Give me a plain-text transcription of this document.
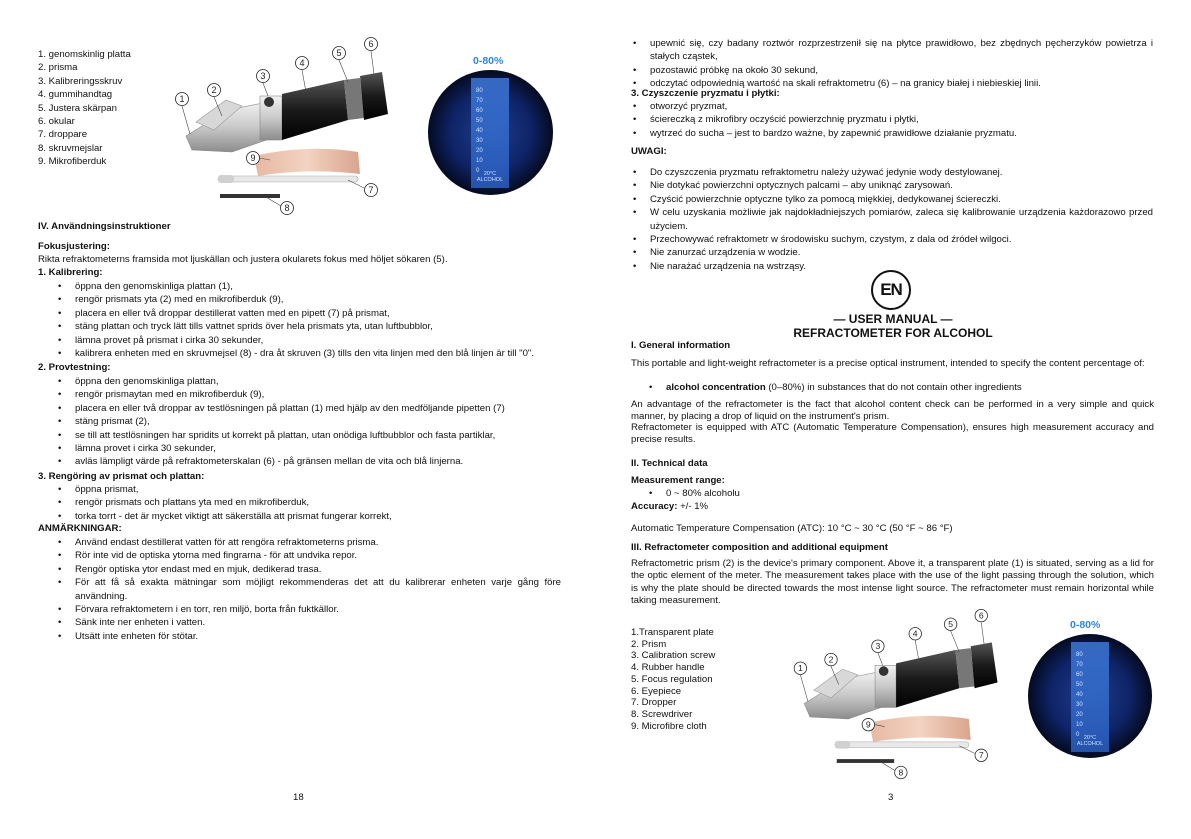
1. genomskinlig platta
2. prisma
3. Kalibreringsskruv
4. gummihandtag
5. Justera skärpan
6. okular
7. droppare
8. skruvmejslar
9. Mikrofiberduk
1
2
3
4
5
6
7
8
9
0-80%
80
70
60
50
40
30
20
10
0 20°C
ALCOHOL
IV. Användningsinstruktioner
Fokusjustering:
Rikta refraktometerns framsida mot ljuskällan och justera okularets fokus med höljet sökaren (5).
1. Kalibrering:
• öppna den genomskinliga plattan (1),
• rengör prismats yta (2) med en mikrofiberduk (9),
• placera en eller två droppar destillerat vatten med en pipett (7) på prismat,
• stäng plattan och tryck lätt tills vattnet sprids över hela prismats yta, utan luftbubblor,
• lämna provet på prismat i cirka 30 sekunder,
• kalibrera enheten med en skruvmejsel (8) - dra åt skruven (3) tills den vita linjen med den blå linjen är till "0".
2. Provtestning:
• öppna den genomskinliga plattan,
• rengör prismaytan med en mikrofiberduk (9),
• placera en eller två droppar av testlösningen på plattan (1) med hjälp av den medföljande pipetten (7)
• stäng prismat (2),
• se till att testlösningen har spridits ut korrekt på plattan, utan onödiga luftbubblor och fasta partiklar,
• lämna provet i cirka 30 sekunder,
• avläs lämpligt värde på refraktometerskalan (6) - på gränsen mellan de vita och blå linjerna.
3. Rengöring av prismat och plattan:
• öppna prismat,
• rengör prismats och plattans yta med en mikrofiberduk,
• torka torrt - det är mycket viktigt att säkerställa att prismat fungerar korrekt,
ANMÄRKNINGAR:
• Använd endast destillerat vatten för att rengöra refraktometerns prisma.
• Rör inte vid de optiska ytorna med fingrarna - för att undvika repor.
• Rengör optiska ytor endast med en mjuk, dedikerad trasa.
• För att få så exakta mätningar som möjligt rekommenderas det att du kalibrerar enheten varje gång före användning.
• Förvara refraktometern i en torr, ren miljö, borta från fuktkällor.
• Sänk inte ner enheten i vatten.
• Utsätt inte enheten för stötar.
18
• upewnić się, czy badany roztwór rozprzestrzenił się na płytce prawidłowo, bez zbędnych pęcherzyków powietrza i stałych cząstek,
• pozostawić próbkę na około 30 sekund,
• odczytać odpowiednią wartość na skali refraktometru (6) – na granicy białej i niebieskiej linii.
3. Czyszczenie pryzmatu i płytki:
• otworzyć pryzmat,
• ściereczką z mikrofibry oczyścić powierzchnię pryzmatu i płytki,
• wytrzeć do sucha – jest to bardzo ważne, by zapewnić prawidłowe działanie pryzmatu.
UWAGI:
• Do czyszczenia pryzmatu refraktometru należy używać jedynie wody destylowanej.
• Nie dotykać powierzchni optycznych palcami – aby uniknąć zarysowań.
• Czyścić powierzchnie optyczne tylko za pomocą miękkiej, dedykowanej ściereczki.
• W celu uzyskania możliwie jak najdokładniejszych pomiarów, zaleca się kalibrowanie urządzenia każdorazowo przed użyciem.
• Przechowywać refraktometr w środowisku suchym, czystym, z dala od źródeł wilgoci.
• Nie zanurzać urządzenia w wodzie.
• Nie narażać urządzenia na wstrząsy.
EN
— USER MANUAL —
REFRACTOMETER FOR ALCOHOL
I. General information
This portable and light-weight refractometer is a precise optical instrument, intended to specify the content percentage of:
• alcohol concentration (0–80%) in substances that do not contain other ingredients
An advantage of the refractometer is the fact that alcohol content check can be performed in a very simple and quick manner, by placing a drop of liquid on the instrument's prism.
Refractometer is equipped with ATC (Automatic Temperature Compensation), ensures high measurement accuracy and precise results.
II. Technical data
Measurement range:
• 0 ~ 80% alcoholu
Accuracy: +/- 1%
Automatic Temperature Compensation (ATC): 10 °C ~ 30 °C (50 °F ~ 86 °F)
III. Refractometer composition and additional equipment
Refractometric prism (2) is the device's primary component. Above it, a transparent plate (1) is situated, serving as a lid for the optic element of the meter. The measurement takes place with the use of the light passing through the solution, which is why the plate should be directed towards the most intense light source. The refractometer must remain horizontal while taking measurement.
1.Transparent plate
2. Prism
3. Calibration screw
4. Rubber handle
5. Focus regulation
6. Eyepiece
7. Dropper
8. Screwdriver
9. Microfibre cloth
1
2
3
4
5
6
7
8
9
0-80%
80
70
60
50
40
30
20
10
0 20°C
ALCOHOL
3
